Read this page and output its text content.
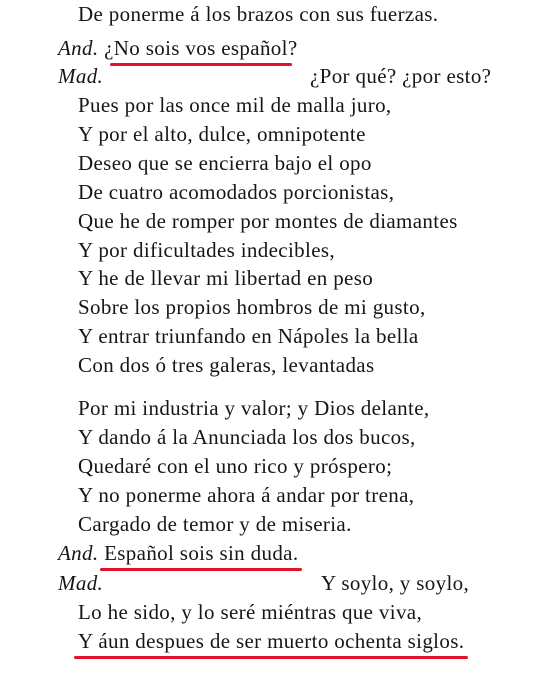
De ponerme á los brazos con sus fuerzas.
And. ¿No sois vos español?
Mad.	¿Por qué? ¿por esto?
Pues por las once mil de malla juro,
Y por el alto, dulce, omnipotente
Deseo que se encierra bajo el opo
De cuatro acomodados porcionistas,
Que he de romper por montes de diamantes
Y por dificultades indecibles,
Y he de llevar mi libertad en peso
Sobre los propios hombros de mi gusto,
Y entrar triunfando en Nápoles la bella
Con dos ó tres galeras, levantadas
Por mi industria y valor; y Dios delante,
Y dando á la Anunciada los dos bucos,
Quedaré con el uno rico y próspero;
Y no ponerme ahora á andar por trena,
Cargado de temor y de miseria.
And. Español sois sin duda.
Mad.	Y soylo, y soylo,
Lo he sido, y lo seré miéntras que viva,
Y áun despues de ser muerto ochenta siglos.
